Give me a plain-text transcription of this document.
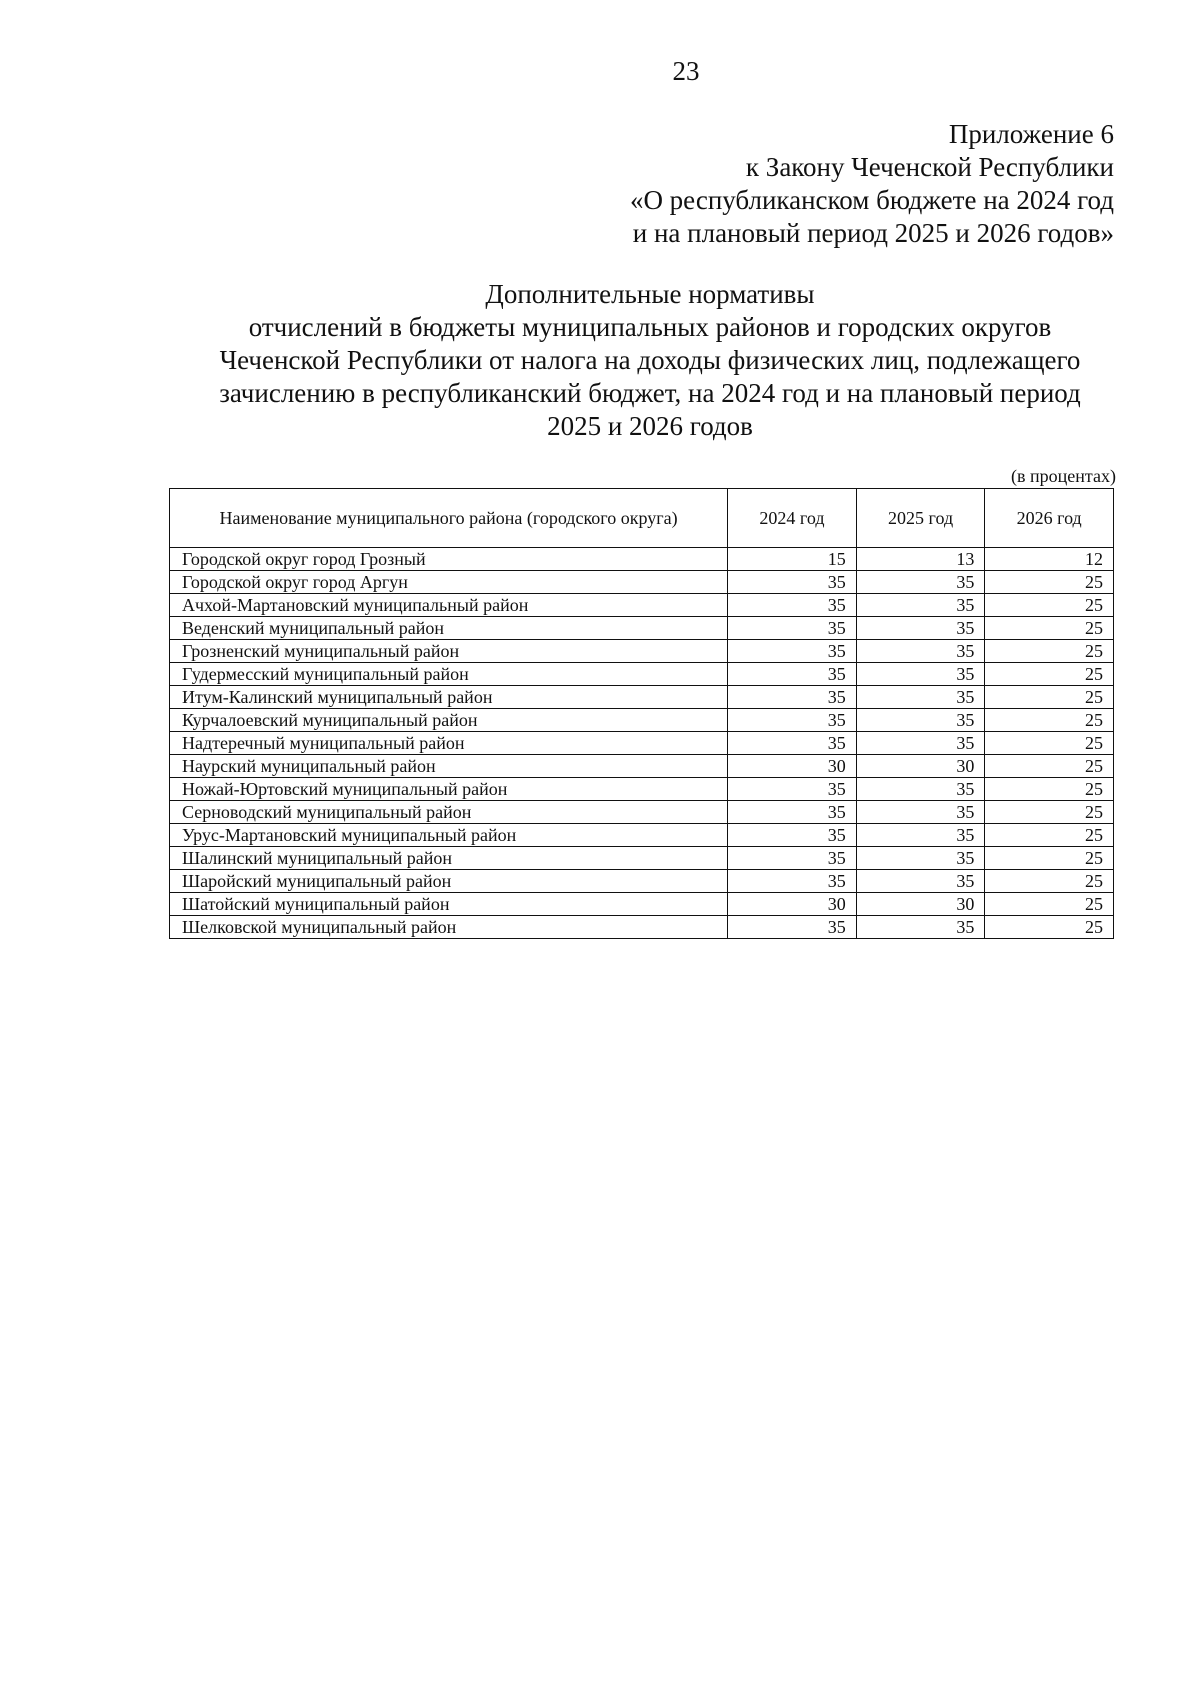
23
Приложение 6
к Закону Чеченской Республики
«О республиканском бюджете на 2024 год
и на плановый период 2025 и 2026 годов»
Дополнительные нормативы
отчислений в бюджеты муниципальных районов и городских округов
Чеченской Республики от налога на доходы физических лиц, подлежащего
зачислению в республиканский бюджет, на 2024 год и на плановый период
2025 и 2026 годов
(в процентах)
Наименование муниципального района (городского округа)	2024 год	2025 год	2026 год
Городской округ город Грозный	15	13	12
Городской округ город Аргун	35	35	25
Ачхой-Мартановский муниципальный район	35	35	25
Веденский муниципальный район	35	35	25
Грозненский муниципальный район	35	35	25
Гудермесский муниципальный район	35	35	25
Итум-Калинский муниципальный район	35	35	25
Курчалоевский муниципальный район	35	35	25
Надтеречный муниципальный район	35	35	25
Наурский муниципальный район	30	30	25
Ножай-Юртовский муниципальный район	35	35	25
Серноводский муниципальный район	35	35	25
Урус-Мартановский муниципальный район	35	35	25
Шалинский муниципальный район	35	35	25
Шаройский муниципальный район	35	35	25
Шатойский муниципальный район	30	30	25
Шелковской муниципальный район	35	35	25
